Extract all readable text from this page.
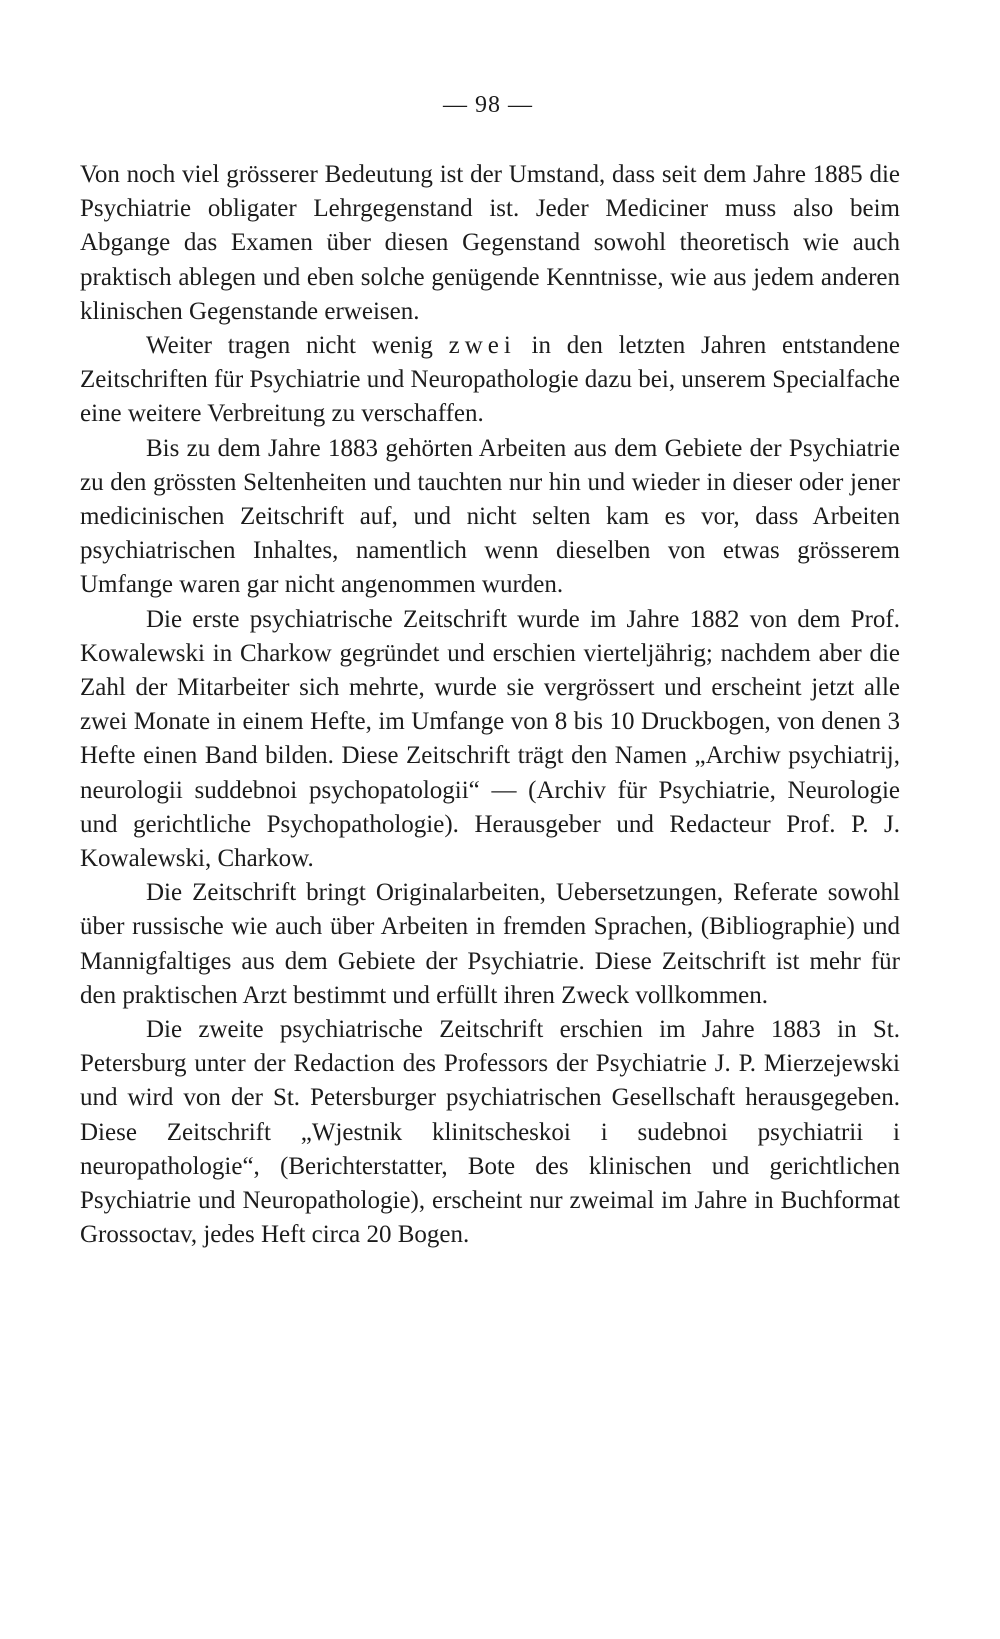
— 98 —

Von noch viel grösserer Bedeutung ist der Umstand, dass seit dem Jahre 1885 die Psychiatrie obligater Lehrgegenstand ist. Jeder Mediciner muss also beim Abgange das Examen über diesen Gegenstand sowohl theoretisch wie auch praktisch ablegen und eben solche genügende Kenntnisse, wie aus jedem anderen klinischen Gegenstande erweisen.

Weiter tragen nicht wenig zwei in den letzten Jahren entstandene Zeitschriften für Psychiatrie und Neuropathologie dazu bei, unserem Specialfache eine weitere Verbreitung zu verschaffen.

Bis zu dem Jahre 1883 gehörten Arbeiten aus dem Gebiete der Psychiatrie zu den grössten Seltenheiten und tauchten nur hin und wieder in dieser oder jener medicinischen Zeitschrift auf, und nicht selten kam es vor, dass Arbeiten psychiatrischen Inhaltes, namentlich wenn dieselben von etwas grösserem Umfange waren gar nicht angenommen wurden.

Die erste psychiatrische Zeitschrift wurde im Jahre 1882 von dem Prof. Kowalewski in Charkow gegründet und erschien vierteljährig; nachdem aber die Zahl der Mitarbeiter sich mehrte, wurde sie vergrössert und erscheint jetzt alle zwei Monate in einem Hefte, im Umfange von 8 bis 10 Druckbogen, von denen 3 Hefte einen Band bilden. Diese Zeitschrift trägt den Namen „Archiw psychiatrij, neurologii suddebnoi psychopatologii“ — (Archiv für Psychiatrie, Neurologie und gerichtliche Psychopathologie). Herausgeber und Redacteur Prof. P. J. Kowalewski, Charkow.

Die Zeitschrift bringt Originalarbeiten, Uebersetzungen, Referate sowohl über russische wie auch über Arbeiten in fremden Sprachen, (Bibliographie) und Mannigfaltiges aus dem Gebiete der Psychiatrie. Diese Zeitschrift ist mehr für den praktischen Arzt bestimmt und erfüllt ihren Zweck vollkommen.

Die zweite psychiatrische Zeitschrift erschien im Jahre 1883 in St. Petersburg unter der Redaction des Professors der Psychiatrie J. P. Mierzejewski und wird von der St. Petersburger psychiatrischen Gesellschaft herausgegeben. Diese Zeitschrift „Wjestnik klinitscheskoi i sudebnoi psychiatrii i neuropathologie“, (Berichterstatter, Bote des klinischen und gerichtlichen Psychiatrie und Neuropathologie), erscheint nur zweimal im Jahre in Buchformat Grossoctav, jedes Heft circa 20 Bogen.
